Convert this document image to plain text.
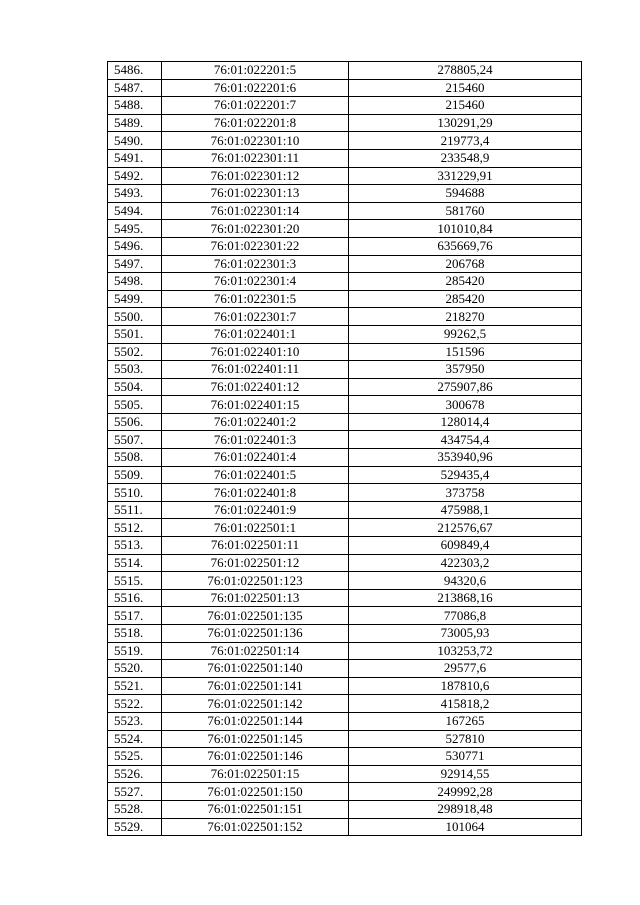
5486.	76:01:022201:5	278805,24
5487.	76:01:022201:6	215460
5488.	76:01:022201:7	215460
5489.	76:01:022201:8	130291,29
5490.	76:01:022301:10	219773,4
5491.	76:01:022301:11	233548,9
5492.	76:01:022301:12	331229,91
5493.	76:01:022301:13	594688
5494.	76:01:022301:14	581760
5495.	76:01:022301:20	101010,84
5496.	76:01:022301:22	635669,76
5497.	76:01:022301:3	206768
5498.	76:01:022301:4	285420
5499.	76:01:022301:5	285420
5500.	76:01:022301:7	218270
5501.	76:01:022401:1	99262,5
5502.	76:01:022401:10	151596
5503.	76:01:022401:11	357950
5504.	76:01:022401:12	275907,86
5505.	76:01:022401:15	300678
5506.	76:01:022401:2	128014,4
5507.	76:01:022401:3	434754,4
5508.	76:01:022401:4	353940,96
5509.	76:01:022401:5	529435,4
5510.	76:01:022401:8	373758
5511.	76:01:022401:9	475988,1
5512.	76:01:022501:1	212576,67
5513.	76:01:022501:11	609849,4
5514.	76:01:022501:12	422303,2
5515.	76:01:022501:123	94320,6
5516.	76:01:022501:13	213868,16
5517.	76:01:022501:135	77086,8
5518.	76:01:022501:136	73005,93
5519.	76:01:022501:14	103253,72
5520.	76:01:022501:140	29577,6
5521.	76:01:022501:141	187810,6
5522.	76:01:022501:142	415818,2
5523.	76:01:022501:144	167265
5524.	76:01:022501:145	527810
5525.	76:01:022501:146	530771
5526.	76:01:022501:15	92914,55
5527.	76:01:022501:150	249992,28
5528.	76:01:022501:151	298918,48
5529.	76:01:022501:152	101064
